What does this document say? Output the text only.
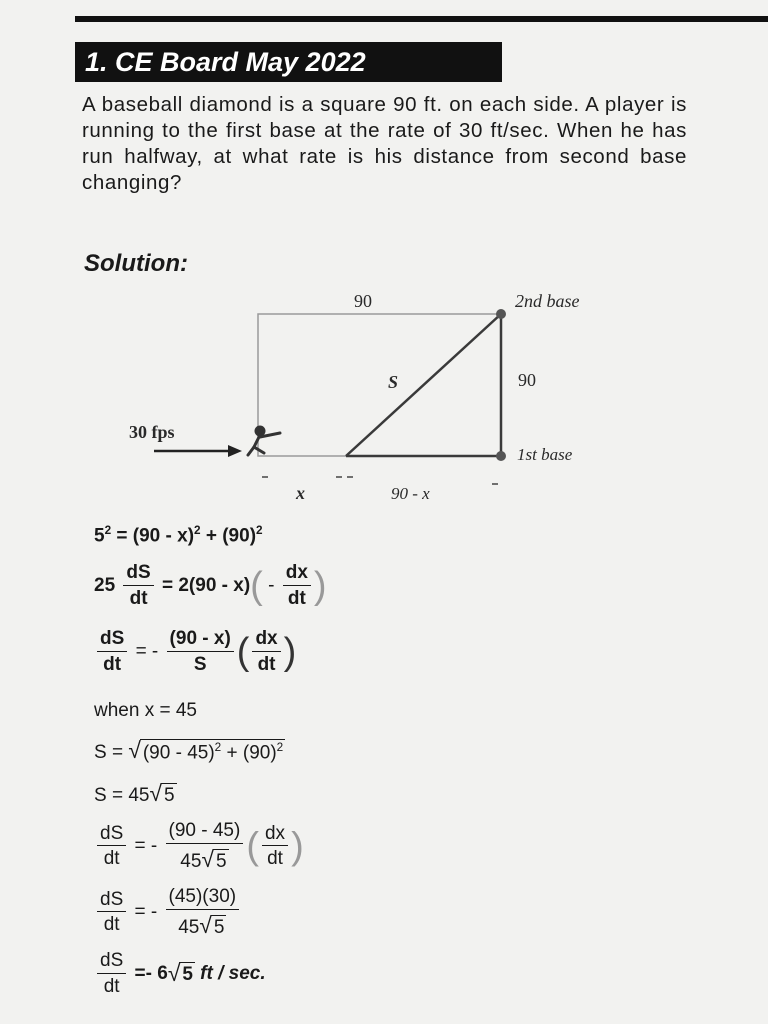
1. CE Board May 2022

A baseball diamond is a square 90 ft. on each side. A player is running to the first base at the rate of 30 ft/sec. When he has run halfway, at what rate is his distance from second base changing?

Solution:
90	2nd base
90
S
30 fps
1st base
x	90 - x
$5^2 = (90 - x)^2 + (90)^2$
$25 \frac{dS}{dt} = 2(90 - x)( - \frac{dx}{dt}$ )
$\frac{dS}{dt}$ = - $\frac{(90 - x)}{S}$ ( $\frac{dx}{dt}$ )
when x = 45
S = √ $(90 - 45)^2 + (90)^2$
S = 45√ 5
$\frac{dS}{dt}$ = - $\frac{(90 - 45)}{45√ 5}$ ( $\frac{dx}{dt}$ )
$\frac{dS}{dt}$ = - $\frac{(45)(30)}{45√ 5}$
$\frac{dS}{dt} =- 6√$ 5 ft / sec.
